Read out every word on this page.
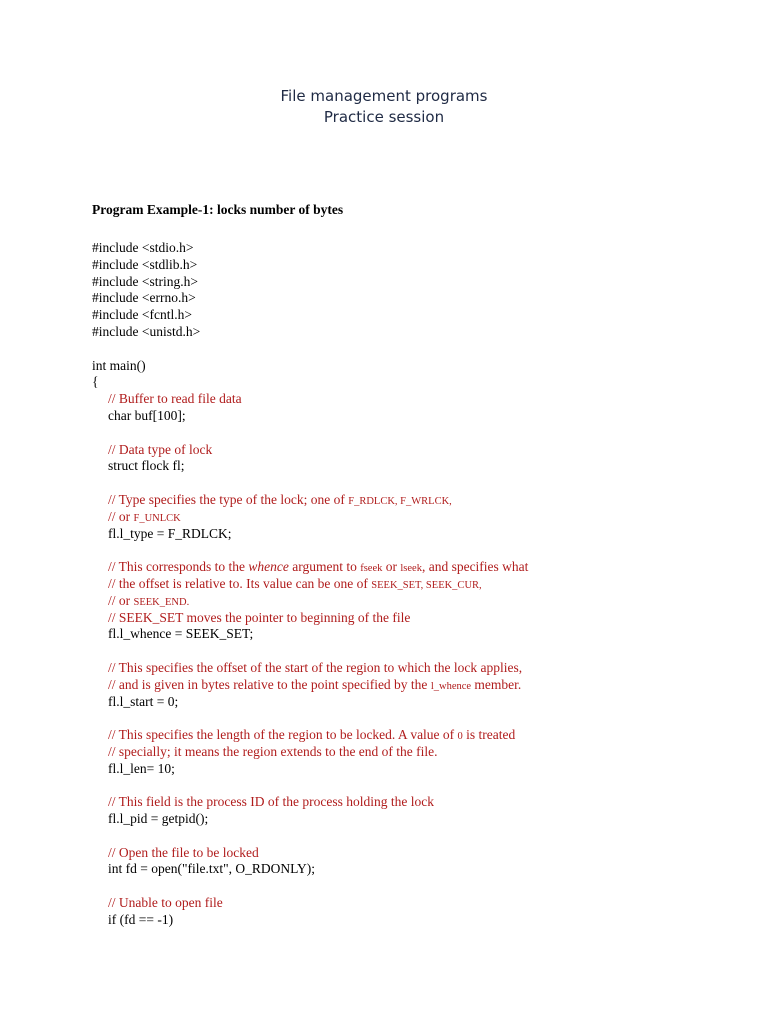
File management programs
Practice session
Program Example-1: locks number of bytes
#include <stdio.h>
#include <stdlib.h>
#include <string.h>
#include <errno.h>
#include <fcntl.h>
#include <unistd.h>
int main()
{
// Buffer to read file data
char buf[100];
// Data type of lock
struct flock fl;
// Type specifies the type of the lock; one of F_RDLCK, F_WRLCK,
// or F_UNLCK
fl.l_type = F_RDLCK;
// This corresponds to the whence argument to fseek or lseek, and specifies what
// the offset is relative to. Its value can be one of SEEK_SET, SEEK_CUR,
// or SEEK_END.
// SEEK_SET moves the pointer to beginning of the file
fl.l_whence = SEEK_SET;
// This specifies the offset of the start of the region to which the lock applies,
// and is given in bytes relative to the point specified by the l_whence member.
fl.l_start = 0;
// This specifies the length of the region to be locked. A value of 0 is treated
// specially; it means the region extends to the end of the file.
fl.l_len= 10;
// This field is the process ID of the process holding the lock
fl.l_pid = getpid();
// Open the file to be locked
int fd = open("file.txt", O_RDONLY);
// Unable to open file
if (fd == -1)
